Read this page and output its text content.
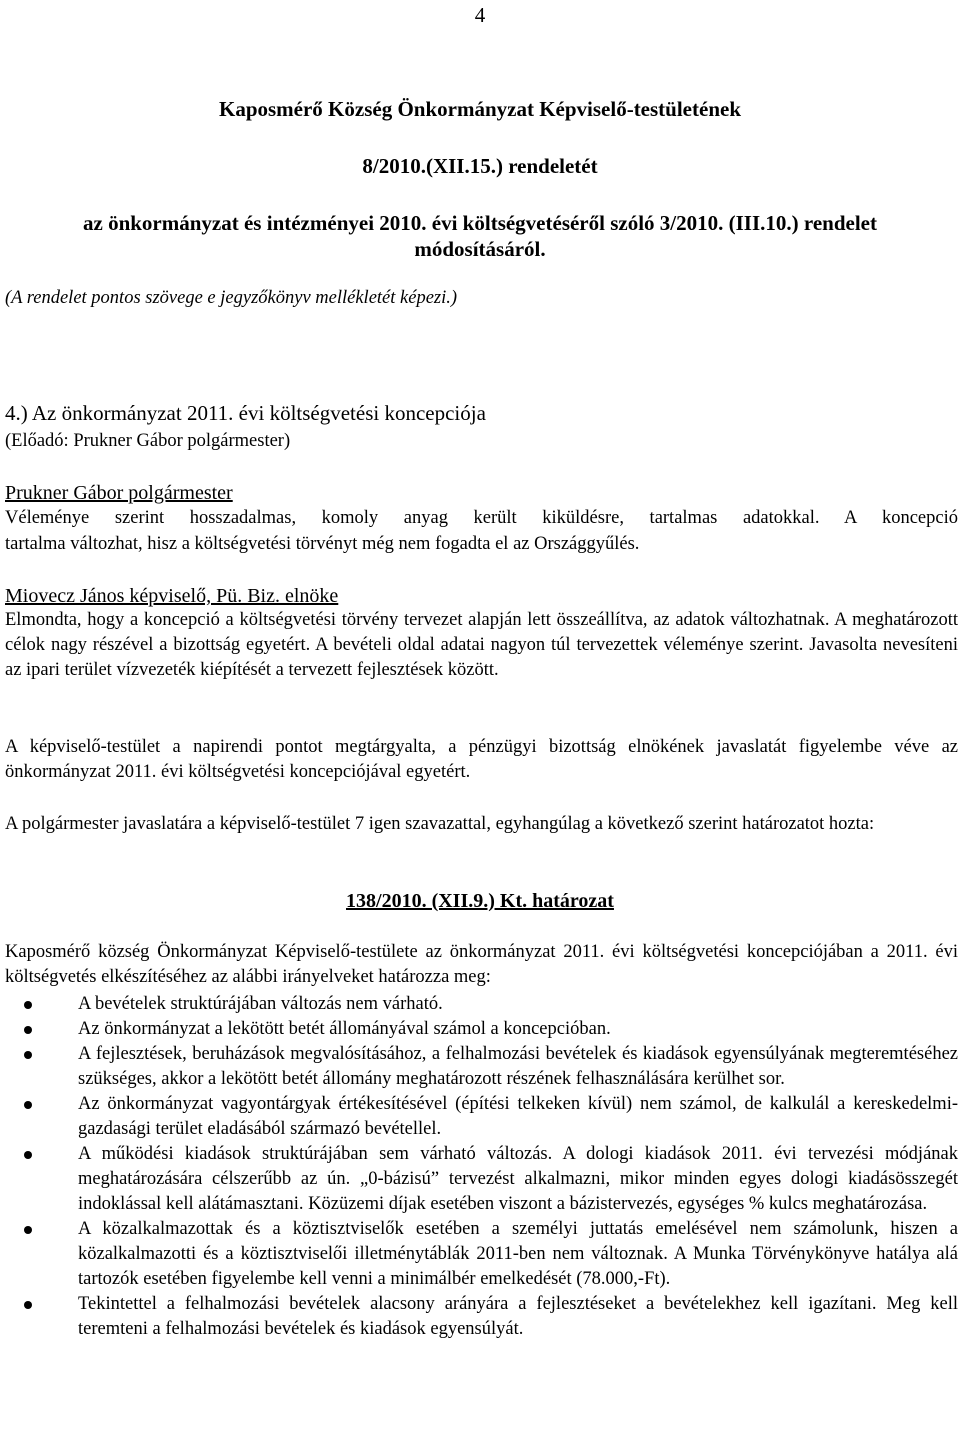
4
Kaposmérő Község Önkormányzat Képviselő-testületének
8/2010.(XII.15.) rendeletét
az önkormányzat és intézményei 2010. évi költségvetéséről szóló 3/2010. (III.10.) rendelet
módosításáról.
(A rendelet pontos szövege e jegyzőkönyv mellékletét képezi.)
4.) Az önkormányzat 2011. évi költségvetési koncepciója
(Előadó: Prukner Gábor polgármester)
Prukner Gábor polgármester
Véleménye szerint hosszadalmas, komoly anyag került kiküldésre, tartalmas adatokkal. A koncepció
tartalma változhat, hisz a költségvetési törvényt még nem fogadta el az Országgyűlés.
Miovecz János képviselő, Pü. Biz. elnöke

Elmondta, hogy a koncepció a költségvetési törvény tervezet alapján lett összeállítva, az adatok változhatnak. A meghatározott célok nagy részével a bizottság egyetért. A bevételi oldal adatai nagyon túl tervezettek véleménye szerint. Javasolta nevesíteni az ipari terület vízvezeték kiépítését a tervezett fejlesztések között.

A képviselő-testület a napirendi pontot megtárgyalta, a pénzügyi bizottság elnökének javaslatát figyelembe véve az önkormányzat 2011. évi költségvetési koncepciójával egyetért.

A polgármester javaslatára a képviselő-testület 7 igen szavazattal, egyhangúlag a következő szerint határozatot hozta:

138/2010. (XII.9.) Kt. határozat

Kaposmérő község Önkormányzat Képviselő-testülete az önkormányzat 2011. évi költségvetési koncepciójában a 2011. évi költségvetés elkészítéséhez az alábbi irányelveket határozza meg:

A bevételek struktúrájában változás nem várható.
Az önkormányzat a lekötött betét állományával számol a koncepcióban.
A fejlesztések, beruházások megvalósításához, a felhalmozási bevételek és kiadások egyensúlyának megteremtéséhez szükséges, akkor a lekötött betét állomány meghatározott részének felhasználására kerülhet sor.
Az önkormányzat vagyontárgyak értékesítésével (építési telkeken kívül) nem számol, de kalkulál a kereskedelmi-gazdasági terület eladásából származó bevétellel.
A működési kiadások struktúrájában sem várható változás. A dologi kiadások 2011. évi tervezési módjának meghatározására célszerűbb az ún. „0-bázisú” tervezést alkalmazni, mikor minden egyes dologi kiadásösszegét indoklással kell alátámasztani. Közüzemi díjak esetében viszont a bázistervezés, egységes % kulcs meghatározása.
A közalkalmazottak és a köztisztviselők esetében a személyi juttatás emelésével nem számolunk, hiszen a közalkalmazotti és a köztisztviselői illetménytáblák 2011-ben nem változnak. A Munka Törvénykönyve hatálya alá tartozók esetében figyelembe kell venni a minimálbér emelkedését (78.000,-Ft).
Tekintettel a felhalmozási bevételek alacsony arányára a fejlesztéseket a bevételekhez kell igazítani. Meg kell teremteni a felhalmozási bevételek és kiadások egyensúlyát.
